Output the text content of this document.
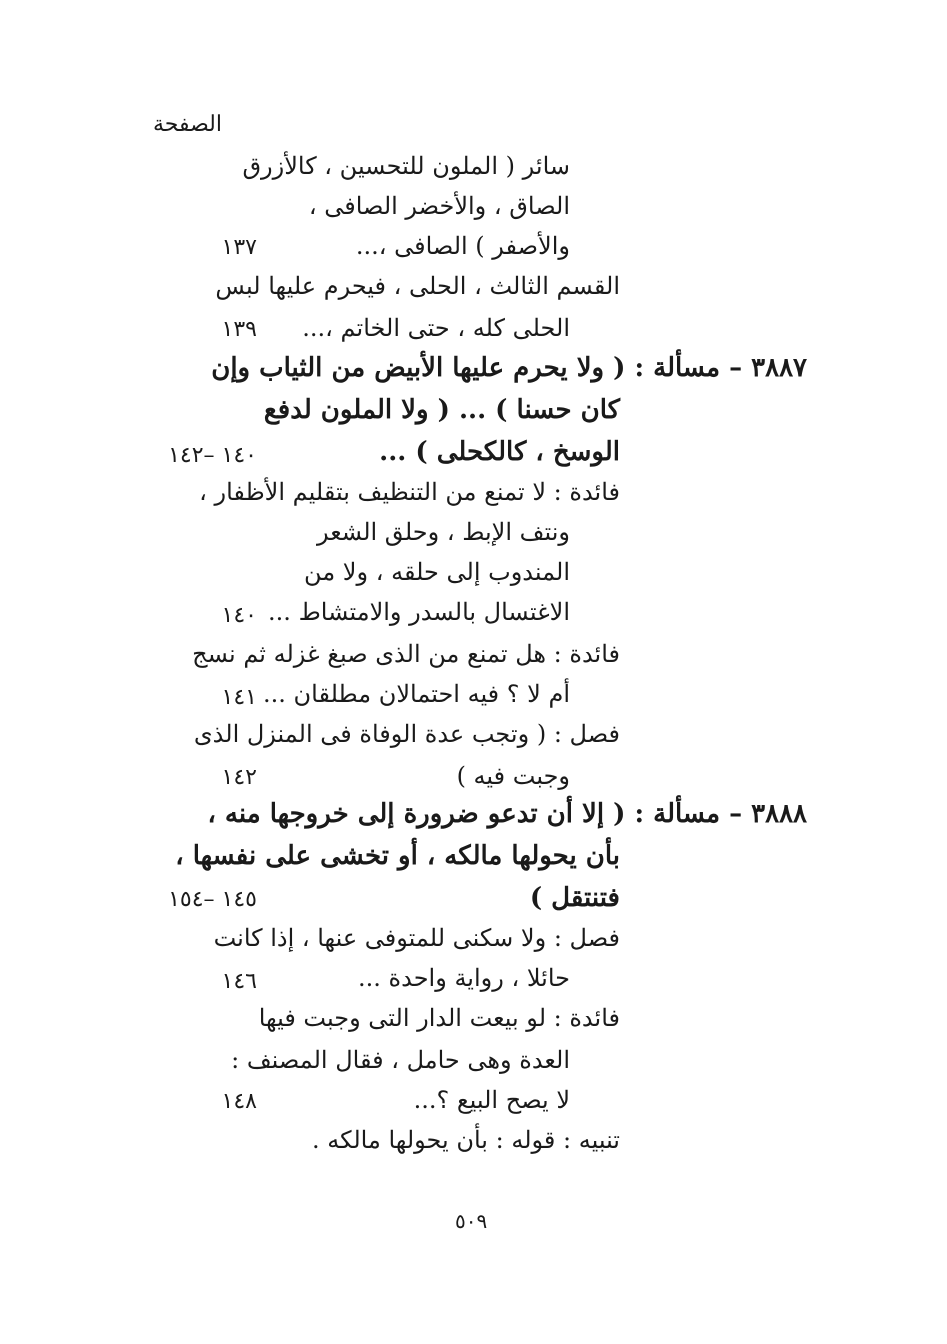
الصفحة
سائر ( الملون للتحسين ، كالأزرق
الصاق ، والأخضر الصافى ،
والأصفر ) الصافى ،...
١٣٧
القسم الثالث ، الحلى ، فيحرم عليها لبس
الحلى كله ، حتى الخاتم ،...
١٣٩
٣٨٨٧ – مسألة : ( ولا يحرم عليها الأبيض من الثياب وإن
كان حسنا ) ... ( ولا الملون لدفع
الوسخ ، كالكحلى ) ...
١٤٠ –١٤٢
فائدة : لا تمنع من التنظيف بتقليم الأظفار ،
ونتف الإبط ، وحلق الشعر
المندوب إلى حلقه ، ولا من
الاغتسال بالسدر والامتشاط ...
١٤٠
فائدة : هل تمنع من الذى صبغ غزله ثم نسج
أم لا ؟ فيه احتمالان مطلقان ...
١٤١
فصل : ( وتجب عدة الوفاة فى المنزل الذى
وجبت فيه )
١٤٢
٣٨٨٨ – مسألة : ( إلا أن تدعو ضرورة إلى خروجها منه ،
بأن يحولها مالكه ، أو تخشى على نفسها ،
فتنتقل )
١٤٥ –١٥٤
فصل : ولا سكنى للمتوفى عنها ، إذا كانت
حائلا ، رواية واحدة ...
١٤٦
فائدة : لو بيعت الدار التى وجبت فيها
العدة وهى حامل ، فقال المصنف :
لا يصح البيع ؟...
١٤٨
تنبيه : قوله : بأن يحولها مالكه .
٥٠٩
